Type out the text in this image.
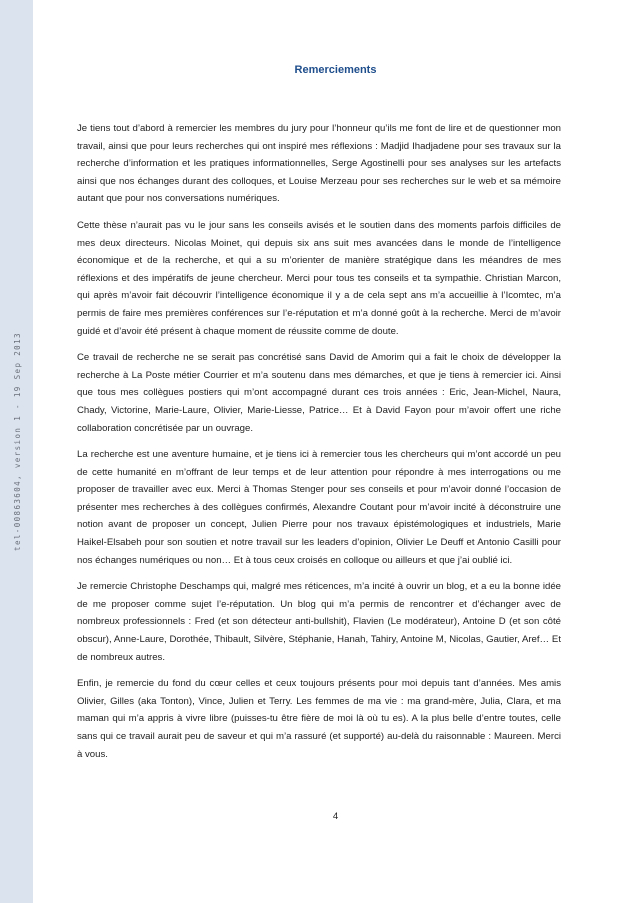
tel-00863604, version 1 - 19 Sep 2013
Remerciements

Je tiens tout d’abord à remercier les membres du jury pour l’honneur qu’ils me font de lire et de questionner mon travail, ainsi que pour leurs recherches qui ont inspiré mes réflexions : Madjid Ihadjadene pour ses travaux sur la recherche d’information et les pratiques informationnelles, Serge Agostinelli pour ses analyses sur les artefacts ainsi que nos échanges durant des colloques, et Louise Merzeau pour ses recherches sur le web et sa mémoire autant que pour nos conversations numériques.

Cette thèse n’aurait pas vu le jour sans les conseils avisés et le soutien dans des moments parfois difficiles de mes deux directeurs. Nicolas Moinet, qui depuis six ans suit mes avancées dans le monde de l’intelligence économique et de la recherche, et qui a su m’orienter de manière stratégique dans les méandres de mes réflexions et des impératifs de jeune chercheur. Merci pour tous tes conseils et ta sympathie. Christian Marcon, qui après m’avoir fait découvrir l’intelligence économique il y a de cela sept ans m’a accueillie à l’Icomtec, m’a permis de faire mes premières conférences sur l’e-réputation et m’a donné goût à la recherche. Merci de m’avoir guidé et d’avoir été présent à chaque moment de réussite comme de doute.

Ce travail de recherche ne se serait pas concrétisé sans David de Amorim qui a fait le choix de développer la recherche à La Poste métier Courrier et m’a soutenu dans mes démarches, et que je tiens à remercier ici. Ainsi que tous mes collègues postiers qui m’ont accompagné durant ces trois années : Eric, Jean-Michel, Naura, Chady, Victorine, Marie-Laure, Olivier, Marie-Liesse, Patrice… Et à David Fayon pour m’avoir offert une riche collaboration concrétisée par un ouvrage.

La recherche est une aventure humaine, et je tiens ici à remercier tous les chercheurs qui m’ont accordé un peu de cette humanité en m’offrant de leur temps et de leur attention pour répondre à mes interrogations ou me proposer de travailler avec eux. Merci à Thomas Stenger pour ses conseils et pour m’avoir donné l’occasion de présenter mes recherches à des collègues confirmés, Alexandre Coutant pour m’avoir incité à déconstruire une notion avant de proposer un concept, Julien Pierre pour nos travaux épistémologiques et industriels, Marie Haikel-Elsabeh pour son soutien et notre travail sur les leaders d’opinion, Olivier Le Deuff et Antonio Casilli pour nos échanges numériques ou non… Et à tous ceux croisés en colloque ou ailleurs et que j’ai oublié ici.

Je remercie Christophe Deschamps qui, malgré mes réticences, m’a incité à ouvrir un blog, et a eu la bonne idée de me proposer comme sujet l’e-réputation. Un blog qui m’a permis de rencontrer et d’échanger avec de nombreux professionnels : Fred (et son détecteur anti-bullshit), Flavien (Le modérateur), Antoine D (et son côté obscur), Anne-Laure, Dorothée, Thibault, Silvère, Stéphanie, Hanah, Tahiry, Antoine M, Nicolas, Gautier, Aref… Et de nombreux autres.

Enfin, je remercie du fond du cœur celles et ceux toujours présents pour moi depuis tant d’années. Mes amis Olivier, Gilles (aka Tonton), Vince, Julien et Terry. Les femmes de ma vie : ma grand-mère, Julia, Clara, et ma maman qui m’a appris à vivre libre (puisses-tu être fière de moi là où tu es). A la plus belle d’entre toutes, celle sans qui ce travail aurait peu de saveur et qui m’a rassuré (et supporté) au-delà du raisonnable : Maureen. Merci à vous.

4
